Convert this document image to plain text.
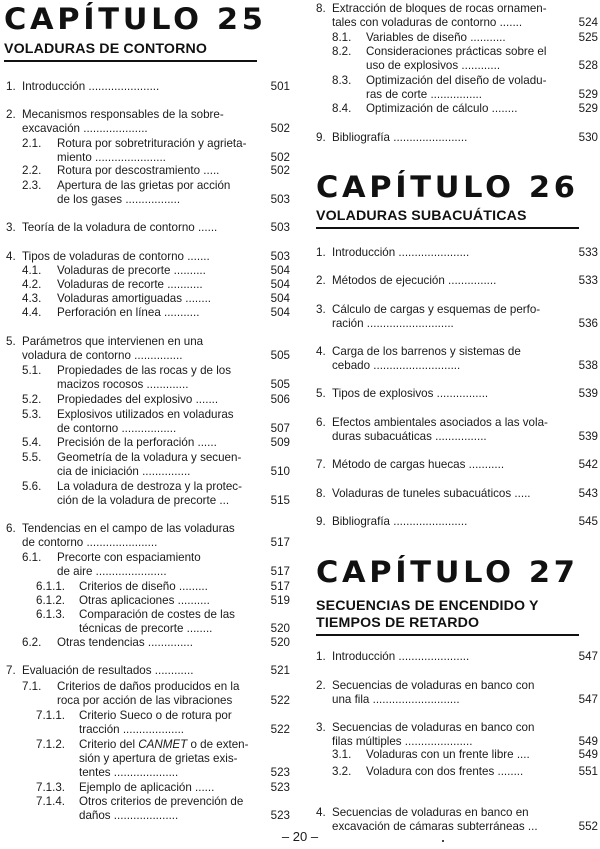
CAPÍTULO 25
VOLADURAS DE CONTORNO
1. Introducción ......................	501
2. Mecanismos responsables de la sobre-
excavación ....................	502
2.1. Rotura por sobretrituración y agrieta-
miento ......................	502
2.2. Rotura por descostramiento .....	502
2.3. Apertura de las grietas por acción
de los gases .................	503
3. Teoría de la voladura de contorno ......	503
4. Tipos de voladuras de contorno .......	503
4.1. Voladuras de precorte ..........	504
4.2. Voladuras de recorte ...........	504
4.3. Voladuras amortiguadas ........	504
4.4. Perforación en línea ...........	504
5. Parámetros que intervienen en una
voladura de contorno ...............	505
5.1. Propiedades de las rocas y de los
macizos rocosos .............	505
5.2. Propiedades del explosivo .......	506
5.3. Explosivos utilizados en voladuras
de contorno .................	507
5.4. Precisión de la perforación ......	509
5.5. Geometría de la voladura y secuen-
cia de iniciación ...............	510
5.6. La voladura de destroza y la protec-
ción de la voladura de precorte ...	515
6. Tendencias en el campo de las voladuras
de contorno ......................	517
6.1. Precorte con espaciamiento
de aire ......................	517
6.1.1. Criterios de diseño .........	517
6.1.2. Otras aplicaciones ..........	519
6.1.3. Comparación de costes de las
técnicas de precorte ........	520
6.2. Otras tendencias ..............	520
7. Evaluación de resultados ............	521
7.1. Criterios de daños producidos en la
roca por acción de las vibraciones	522
7.1.1. Criterio Sueco o de rotura por
tracción ...................	522
7.1.2. Criterio del CANMET o de exten-
sión y apertura de grietas exis-
tentes ....................	523
7.1.3. Ejemplo de aplicación ......	523
7.1.4. Otros criterios de prevención de
daños ....................	523
CAPÍTULO 26
VOLADURAS SUBACUÁTICAS
CAPÍTULO 27
SECUENCIAS DE ENCENDIDO Y
TIEMPOS DE RETARDO
8. Extracción de bloques de rocas ornamen-
tales con voladuras de contorno .......	524
8.1. Variables de diseño ...........	525
8.2. Consideraciones prácticas sobre el
uso de explosivos ............	528
8.3. Optimización del diseño de voladu-
ras de corte ................	529
8.4. Optimización de cálculo ........	529
9. Bibliografía .......................	530
1. Introducción ......................	533
2. Métodos de ejecución ...............	533
3. Cálculo de cargas y esquemas de perfo-
ración ...........................	536
4. Carga de los barrenos y sistemas de
cebado ...........................	538
5. Tipos de explosivos ................	539
6. Efectos ambientales asociados a las vola-
duras subacuáticas ................	539
7. Método de cargas huecas ...........	542
8. Voladuras de tuneles subacuáticos .....	543
9. Bibliografía .......................	545
1. Introducción ......................	547
2. Secuencias de voladuras en banco con
una fila ...........................	547
3. Secuencias de voladuras en banco con
filas múltiples .....................	549
3.1. Voladuras con un frente libre ....	549
3.2. Voladura con dos frentes ........	551
4. Secuencias de voladuras en banco en
excavación de cámaras subterráneas ...	552
– 20 –
